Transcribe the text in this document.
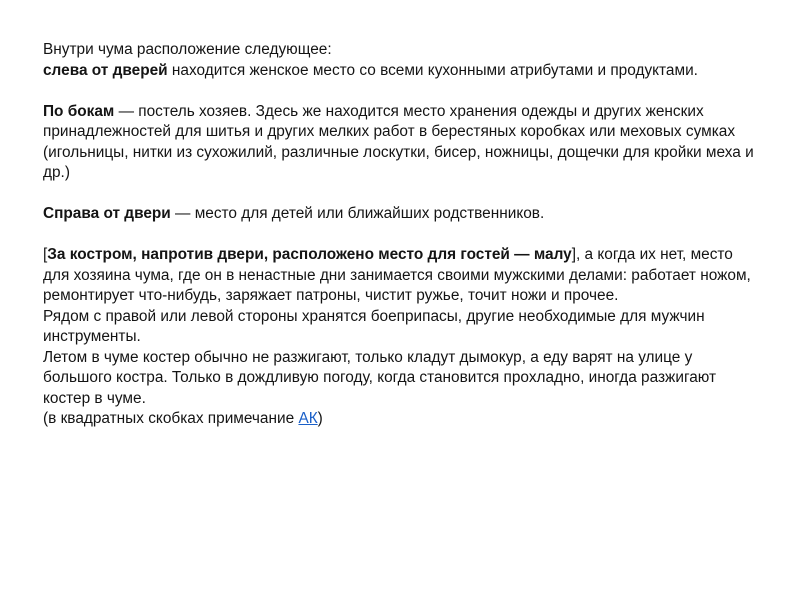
Внутри чума расположение следующее:

слева от дверей находится женское место со всеми кухонными атрибутами и продуктами.

По бокам — постель хозяев. Здесь же находится место хранения одежды и других женских принадлежностей для шитья и других мелких работ в берестяных коробках или меховых сумках (игольницы, нитки из сухожилий, различные лоскутки, бисер, ножницы, дощечки для кройки меха и др.)

Справа от двери — место для детей или ближайших родственников.

[За костром, напротив двери, расположено место для гостей — малу], а когда их нет, место для хозяина чума, где он в ненастные дни занимается своими мужскими делами: работает ножом, ремонтирует что-нибудь, заряжает патроны, чистит ружье, точит ножи и прочее.

Рядом с правой или левой стороны хранятся боеприпасы, другие необходимые для мужчин инструменты.

Летом в чуме костер обычно не разжигают, только кладут дымокур, а еду варят на улице у большого костра. Только в дождливую погоду, когда становится прохладно, иногда разжигают костер в чуме.

(в квадратных скобках примечание АК)
